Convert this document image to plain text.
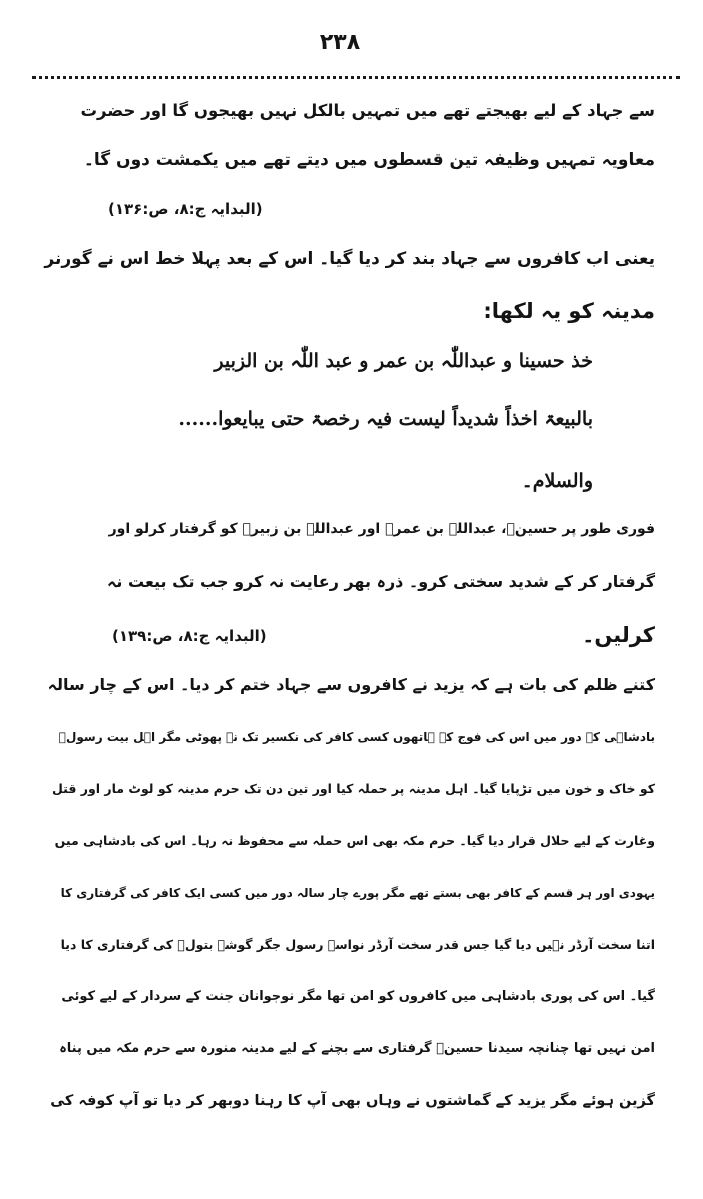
۲۳۸
سے جہاد کے لیے بھیجتے تھے میں تمہیں بالکل نہیں بھیجوں گا اور حضرت
معاویہ تمہیں وظیفہ تین قسطوں میں دیتے تھے میں یکمشت دوں گا۔
(البدایہ ج:۸، ص:۱۳۶)
یعنی اب کافروں سے جہاد بند کر دیا گیا۔ اس کے بعد پہلا خط اس نے گورنر
مدینہ کو یہ لکھا:
خذ حسینا و عبداللّٰہ بن عمر و عبد اللّٰہ بن الزبیر
بالبیعۃ اخذاً شدیداً لیست فیہ رخصۃ حتی یبایعوا......
والسلام۔
فوری طور پر حسینؓ، عبداللہ بن عمرؓ اور عبداللہ بن زبیرؓ کو گرفتار کرلو اور
گرفتار کر کے شدید سختی کرو۔ ذرہ بھر رعایت نہ کرو جب تک بیعت نہ
کرلیں۔
(البدایہ ج:۸، ص:۱۳۹)
کتنے ظلم کی بات ہے کہ یزید نے کافروں سے جہاد ختم کر دیا۔ اس کے چار سالہ
بادشاہی کے دور میں اس کی فوج کے ہاتھوں کسی کافر کی نکسیر تک نہ پھوٹی مگر اہل بیت رسولؐ
کو خاک و خون میں تڑپایا گیا۔ اہل مدینہ پر حملہ کیا اور تین دن تک حرم مدینہ کو لوٹ مار اور قتل
وغارت کے لیے حلال قرار دیا گیا۔ حرم مکہ بھی اس حملہ سے محفوظ نہ رہا۔ اس کی بادشاہی میں
یہودی اور ہر قسم کے کافر بھی بستے تھے مگر پورے چار سالہ دور میں کسی ایک کافر کی گرفتاری کا
اتنا سخت آرڈر نہیں دیا گیا جس قدر سخت آرڈر نواسۂ رسول جگر گوشہ بتولؓ کی گرفتاری کا دیا
گیا۔ اس کی پوری بادشاہی میں کافروں کو امن تھا مگر نوجوانان جنت کے سردار کے لیے کوئی
امن نہیں تھا چنانچہ سیدنا حسینؓ گرفتاری سے بچنے کے لیے مدینہ منورہ سے حرم مکہ میں پناہ
گزین ہوئے مگر یزید کے گماشتوں نے وہاں بھی آپ کا رہنا دوبھر کر دیا تو آپ کوفہ کی
